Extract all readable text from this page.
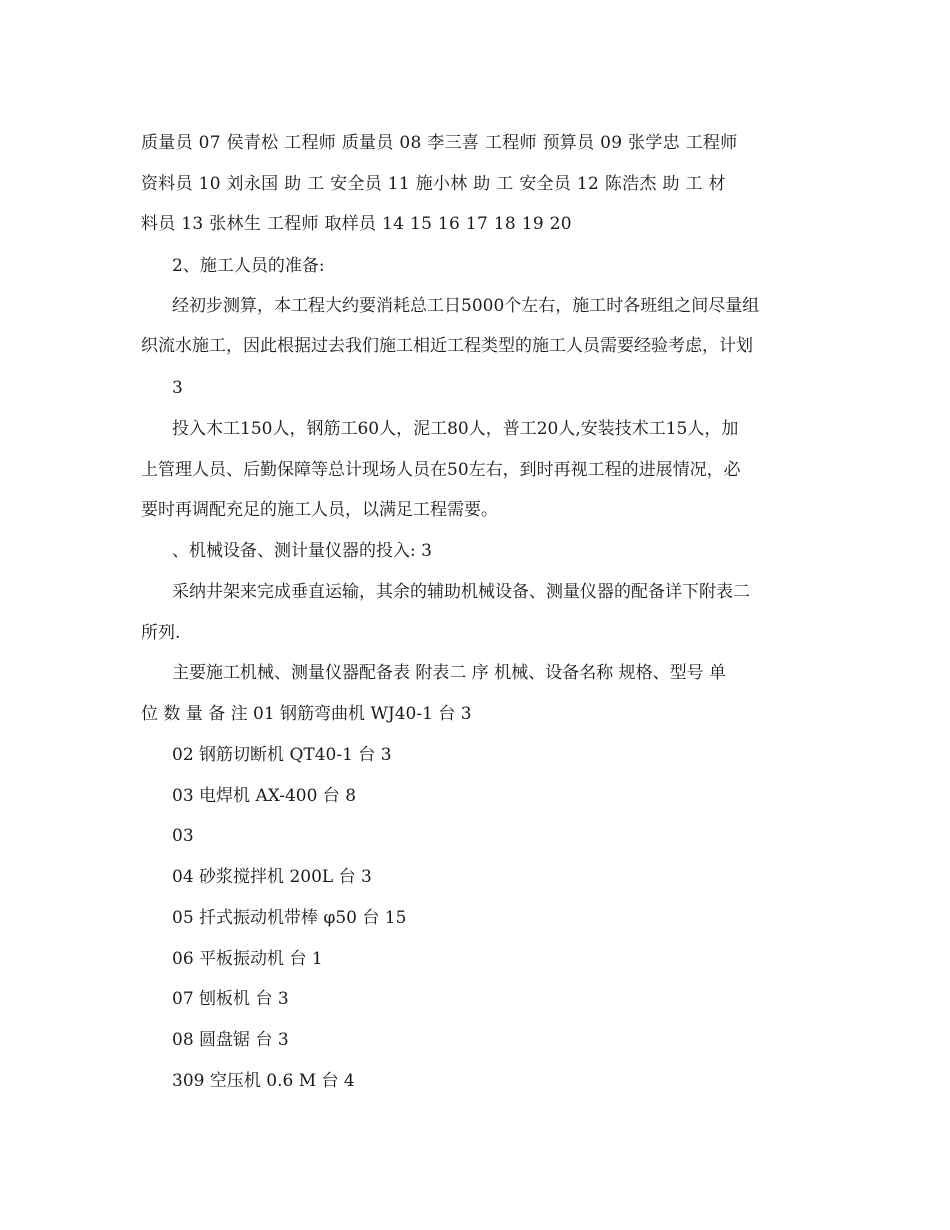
质量员 07 侯青松 工程师 质量员 08 李三喜 工程师 预算员 09 张学忠 工程师
资料员 10 刘永国 助 工 安全员 11 施小林 助 工 安全员 12 陈浩杰 助 工 材
料员 13 张林生 工程师 取样员 14 15 16 17 18 19 20
2、施工人员的准备:
经初步测算，本工程大约要消耗总工日5000个左右，施工时各班组之间尽量组
织流水施工，因此根据过去我们施工相近工程类型的施工人员需要经验考虑，计划
3
投入木工150人，钢筋工60人，泥工80人，普工20人,安装技术工15人，加
上管理人员、后勤保障等总计现场人员在50左右，到时再视工程的进展情况，必
要时再调配充足的施工人员，以满足工程需要。
、机械设备、测计量仪器的投入: 3
采纳井架来完成垂直运输，其余的辅助机械设备、测量仪器的配备详下附表二
所列.
主要施工机械、测量仪器配备表 附表二 序 机械、设备名称 规格、型号 单
位 数 量 备 注 01 钢筋弯曲机 WJ40-1 台 3
02 钢筋切断机 QT40-1 台 3
03 电焊机 AX-400 台 8
03
04 砂浆搅拌机 200L 台 3
05 扦式振动机带棒 φ50 台 15
06 平板振动机 台 1
07 刨板机 台 3
08 圆盘锯 台 3
309 空压机 0.6 M 台 4
